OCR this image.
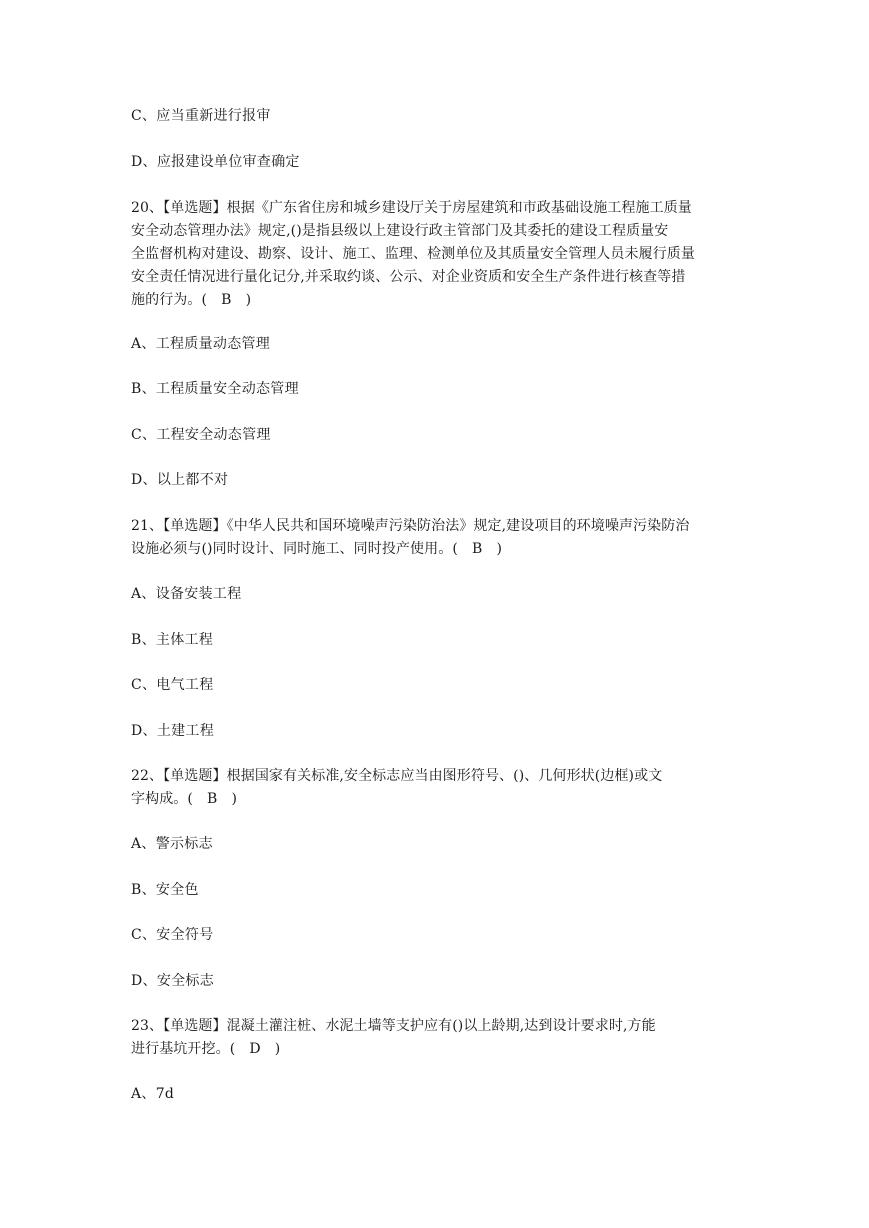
C、应当重新进行报审
D、应报建设单位审查确定
20、【单选题】根据《广东省住房和城乡建设厅关于房屋建筑和市政基础设施工程施工质量
安全动态管理办法》规定,()是指县级以上建设行政主管部门及其委托的建设工程质量安
全监督机构对建设、勘察、设计、施工、监理、检测单位及其质量安全管理人员未履行质量
安全责任情况进行量化记分,并采取约谈、公示、对企业资质和安全生产条件进行核查等措
施的行为。(　B　)
A、工程质量动态管理
B、工程质量安全动态管理
C、工程安全动态管理
D、以上都不对
21、【单选题】《中华人民共和国环境噪声污染防治法》规定,建设项目的环境噪声污染防治
设施必须与()同时设计、同时施工、同时投产使用。(　B　)
A、设备安装工程
B、主体工程
C、电气工程
D、土建工程
22、【单选题】根据国家有关标准,安全标志应当由图形符号、()、几何形状(边框)或文
字构成。(　B　)
A、警示标志
B、安全色
C、安全符号
D、安全标志
23、【单选题】混凝土灌注桩、水泥土墙等支护应有()以上龄期,达到设计要求时,方能
进行基坑开挖。(　D　)
A、7d
